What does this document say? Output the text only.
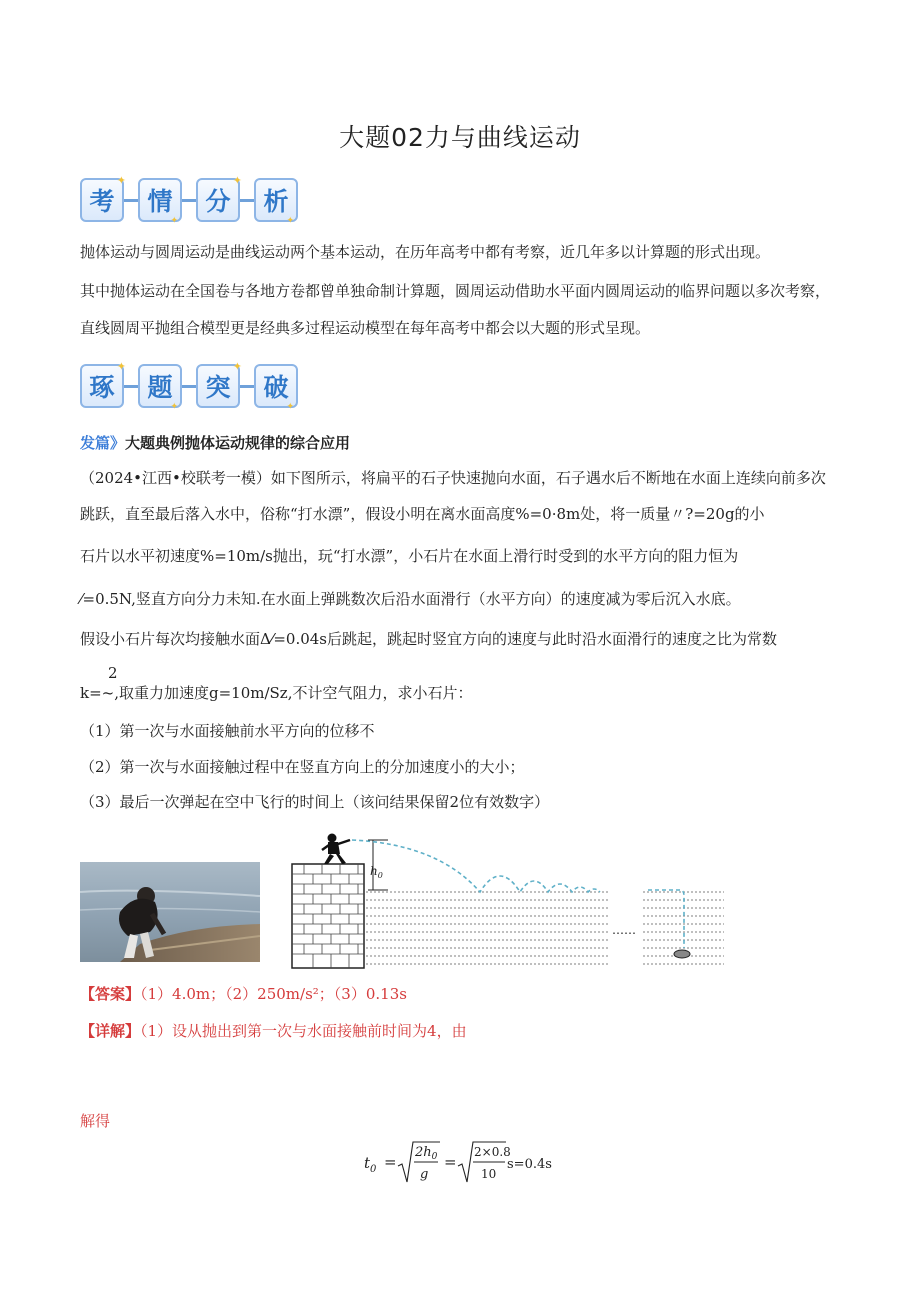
大题02力与曲线运动
考
✦
情
✦
分
✦
析
✦
抛体运动与圆周运动是曲线运动两个基本运动，在历年高考中都有考察，近几年多以计算题的形式出现。
其中抛体运动在全国卷与各地方卷都曾单独命制计算题，圆周运动借助水平面内圆周运动的临界问题以多次考察，
直线圆周平抛组合模型更是经典多过程运动模型在每年高考中都会以大题的形式呈现。
琢
✦
题
✦
突
✦
破
✦
发篇》大题典例抛体运动规律的综合应用
（2024•江西•校联考一模）如下图所示，将扁平的石子快速抛向水面，石子遇水后不断地在水面上连续向前多次
跳跃，直至最后落入水中，俗称“打水漂”，假设小明在离水面高度%=0·8m处，将一质量〃?=20g的小
石片以水平初速度%=10m∕s抛出，玩“打水漂”，小石片在水面上滑行时受到的水平方向的阻力恒为
⁄=0.5N,竖直方向分力未知.在水面上弹跳数次后沿水面滑行（水平方向）的速度减为零后沉入水底。
假设小石片每次均接触水面Δ⁄=0.04s后跳起，跳起时竖宜方向的速度与此时沿水面滑行的速度之比为常数
2
k=~,取重力加速度g=10m∕Sz,不计空气阻力，求小石片：
（1）第一次与水面接触前水平方向的位移不
（2）第一次与水面接触过程中在竖直方向上的分加速度小的大小；
（3）最后一次弹起在空中飞行的时间上（该问结果保留2位有效数字）
$h_0$
……
【答案】（1）4.0m；（2）250m∕s²；（3）0.13s
【详解】（1）设从抛出到第一次与水面接触前时间为4，由
解得
$t_0$ =
$2h_0$
g
=
2×0.8
10
s=0.4s
